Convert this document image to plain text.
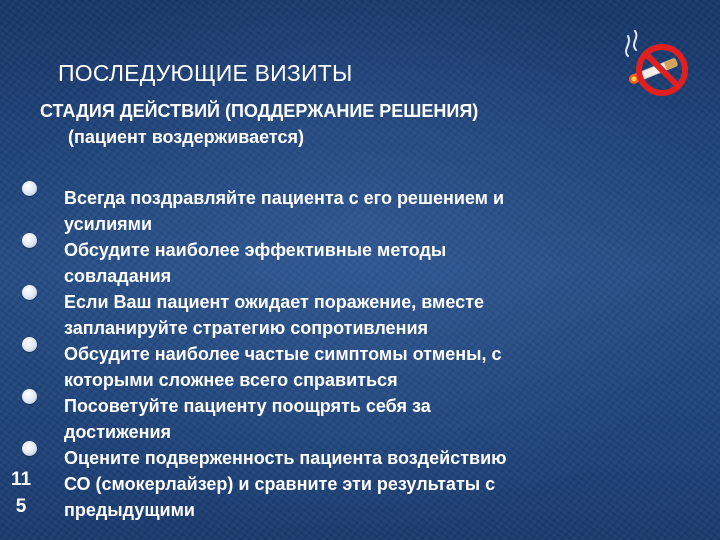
ПОСЛЕДУЮЩИЕ ВИЗИТЫ
СТАДИЯ ДЕЙСТВИЙ (ПОДДЕРЖАНИЕ РЕШЕНИЯ)
(пациент воздерживается)
Всегда поздравляйте пациента с его решением и
усилиями
Обсудите наиболее эффективные методы
совладания
Если Ваш пациент ожидает поражение, вместе
запланируйте стратегию сопротивления
Обсудите наиболее частые симптомы отмены, с
которыми сложнее всего справиться
Посоветуйте пациенту поощрять себя за
достижения
Оцените подверженность пациента воздействию
СО (смокерлайзер) и сравните эти результаты с
предыдущими
11
5
